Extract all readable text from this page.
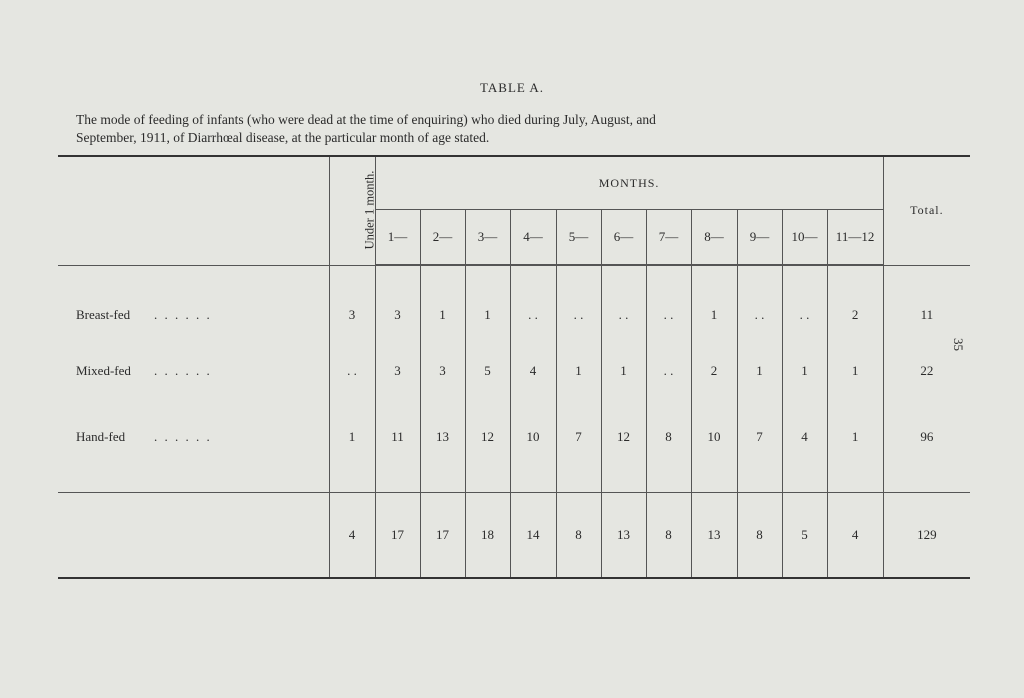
TABLE A.
The mode of feeding of infants (who were dead at the time of enquiring) who died during July, August, and
September, 1911, of Diarrhœal disease, at the particular month of age stated.
35
	Under 1 month.	MONTHS.											Total.
		1—	2—	3—	4—	5—	6—	7—	8—	9—	10—	11—12	

Breast-fed . . . . . .	3	3	1	1	. .	. .	. .	. .	1	. .	. .	2	11
Mixed-fed . . . . . .	. .	3	3	5	4	1	1	. .	2	1	1	1	22
Hand-fed . . . . . .	1	11	13	12	10	7	12	8	10	7	4	1	96

	4	17	17	18	14	8	13	8	13	8	5	4	129
